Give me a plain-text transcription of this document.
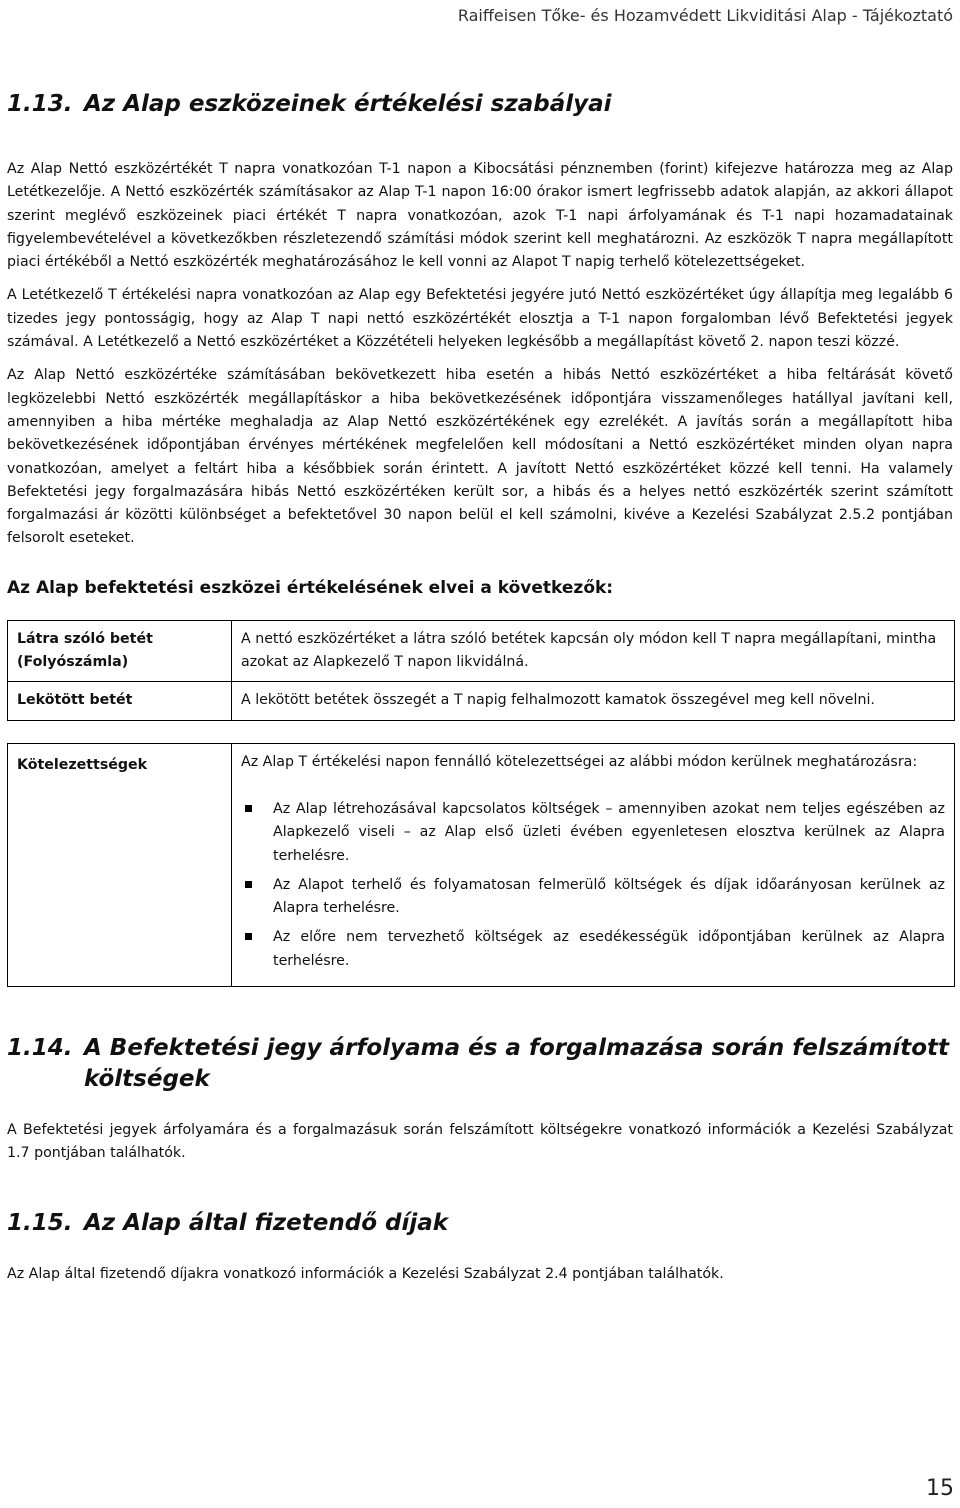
Raiffeisen Tőke- és Hozamvédett Likviditási Alap - Tájékoztató
1.13. Az Alap eszközeinek értékelési szabályai

Az Alap Nettó eszközértékét T napra vonatkozóan T-1 napon a Kibocsátási pénznemben (forint) kifejezve határozza meg az Alap Letétkezelője. A Nettó eszközérték számításakor az Alap T-1 napon 16:00 órakor ismert legfrissebb adatok alapján, az akkori állapot szerint meglévő eszközeinek piaci értékét T napra vonatkozóan, azok T-1 napi árfolyamának és T-1 napi hozamadatainak figyelembevételével a következőkben részletezendő számítási módok szerint kell meghatározni. Az eszközök T napra megállapított piaci értékéből a Nettó eszközérték meghatározásához le kell vonni az Alapot T napig terhelő kötelezettségeket.

A Letétkezelő T értékelési napra vonatkozóan az Alap egy Befektetési jegyére jutó Nettó eszközértéket úgy állapítja meg legalább 6 tizedes jegy pontosságig, hogy az Alap T napi nettó eszközértékét elosztja a T-1 napon forgalomban lévő Befektetési jegyek számával. A Letétkezelő a Nettó eszközértéket a Közzétételi helyeken legkésőbb a megállapítást követő 2. napon teszi közzé.

Az Alap Nettó eszközértéke számításában bekövetkezett hiba esetén a hibás Nettó eszközértéket a hiba feltárását követő legközelebbi Nettó eszközérték megállapításkor a hiba bekövetkezésének időpontjára visszamenőleges hatállyal javítani kell, amennyiben a hiba mértéke meghaladja az Alap Nettó eszközértékének egy ezrelékét. A javítás során a megállapított hiba bekövetkezésének időpontjában érvényes mértékének megfelelően kell módosítani a Nettó eszközértéket minden olyan napra vonatkozóan, amelyet a feltárt hiba a későbbiek során érintett. A javított Nettó eszközértéket közzé kell tenni. Ha valamely Befektetési jegy forgalmazására hibás Nettó eszközértéken került sor, a hibás és a helyes nettó eszközérték szerint számított forgalmazási ár közötti különbséget a befektetővel 30 napon belül el kell számolni, kivéve a Kezelési Szabályzat 2.5.2 pontjában felsorolt eseteket.

Az Alap befektetési eszközei értékelésének elvei a következők:
Látra szóló betét (Folyószámla)	A nettó eszközértéket a látra szóló betétek kapcsán oly módon kell T napra megállapítani, mintha azokat az Alapkezelő T napon likvidálná.
Lekötött betét	A lekötött betétek összegét a T napig felhalmozott kamatok összegével meg kell növelni.
Kötelezettségek	Az Alap T értékelési napon fennálló kötelezettségei az alábbi módon kerülnek meghatározásra:

Az Alap létrehozásával kapcsolatos költségek – amennyiben azokat nem teljes egészében az Alapkezelő viseli – az Alap első üzleti évében egyenletesen elosztva kerülnek az Alapra terhelésre.
Az Alapot terhelő és folyamatosan felmerülő költségek és díjak időarányosan kerülnek az Alapra terhelésre.
Az előre nem tervezhető költségek az esedékességük időpontjában kerülnek az Alapra terhelésre.
1.14. A Befektetési jegy árfolyama és a forgalmazása során felszámított költségek

A Befektetési jegyek árfolyamára és a forgalmazásuk során felszámított költségekre vonatkozó információk a Kezelési Szabályzat 1.7 pontjában találhatók.

1.15. Az Alap által fizetendő díjak

Az Alap által fizetendő díjakra vonatkozó információk a Kezelési Szabályzat 2.4 pontjában találhatók.

15
